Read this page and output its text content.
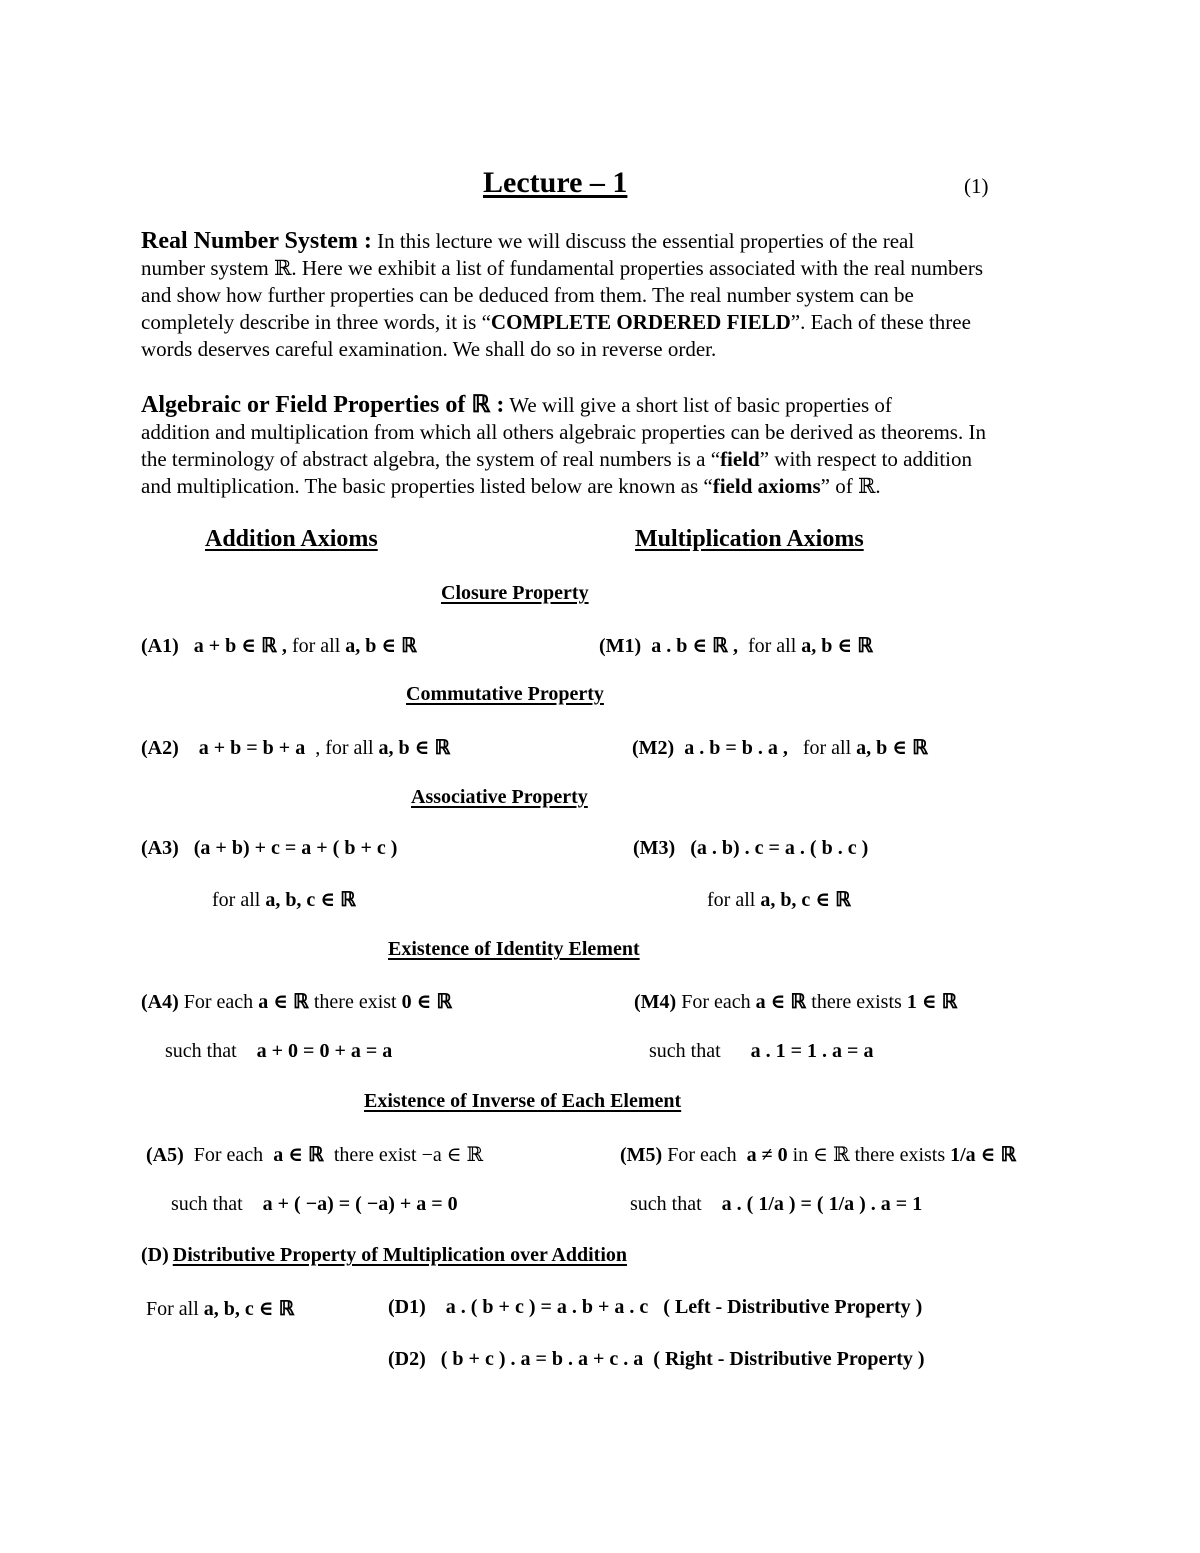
Lecture – 1	(1)
Real Number System : In this lecture we will discuss the essential properties of the real
number system ℝ. Here we exhibit a list of fundamental properties associated with the real numbers
and show how further properties can be deduced from them. The real number system can be
completely describe in three words, it is “COMPLETE ORDERED FIELD”. Each of these three
words deserves careful examination. We shall do so in reverse order.
Algebraic or Field Properties of ℝ : We will give a short list of basic properties of
addition and multiplication from which all others algebraic properties can be derived as theorems. In
the terminology of abstract algebra, the system of real numbers is a “field” with respect to addition
and multiplication. The basic properties listed below are known as “field axioms” of ℝ.
Addition Axioms	Multiplication Axioms
Closure Property
(A1) a + b ∈ ℝ , for all a, b ∈ ℝ	(M1) a . b ∈ ℝ , for all a, b ∈ ℝ
Commutative Property
(A2) a + b = b + a , for all a, b ∈ ℝ	(M2) a . b = b . a , for all a, b ∈ ℝ
Associative Property
(A3) (a + b) + c = a + ( b + c )
for all a, b, c ∈ ℝ
(M3) (a . b) . c = a . ( b . c )
for all a, b, c ∈ ℝ
Existence of Identity Element
(A4) For each a ∈ ℝ there exist 0 ∈ ℝ
such that a + 0 = 0 + a = a
(M4) For each a ∈ ℝ there exists 1 ∈ ℝ
such that a . 1 = 1 . a = a
Existence of Inverse of Each Element
(A5) For each a ∈ ℝ there exist −a ∈ ℝ
such that a + ( −a) = ( −a) + a = 0
(M5) For each a ≠ 0 in ∈ ℝ there exists 1/a ∈ ℝ
such that a . ( 1/a ) = ( 1/a ) . a = 1
(D) Distributive Property of Multiplication over Addition
For all a, b, c ∈ ℝ	(D1) a . ( b + c ) = a . b + a . c ( Left - Distributive Property )
(D2) ( b + c ) . a = b . a + c . a ( Right - Distributive Property )
